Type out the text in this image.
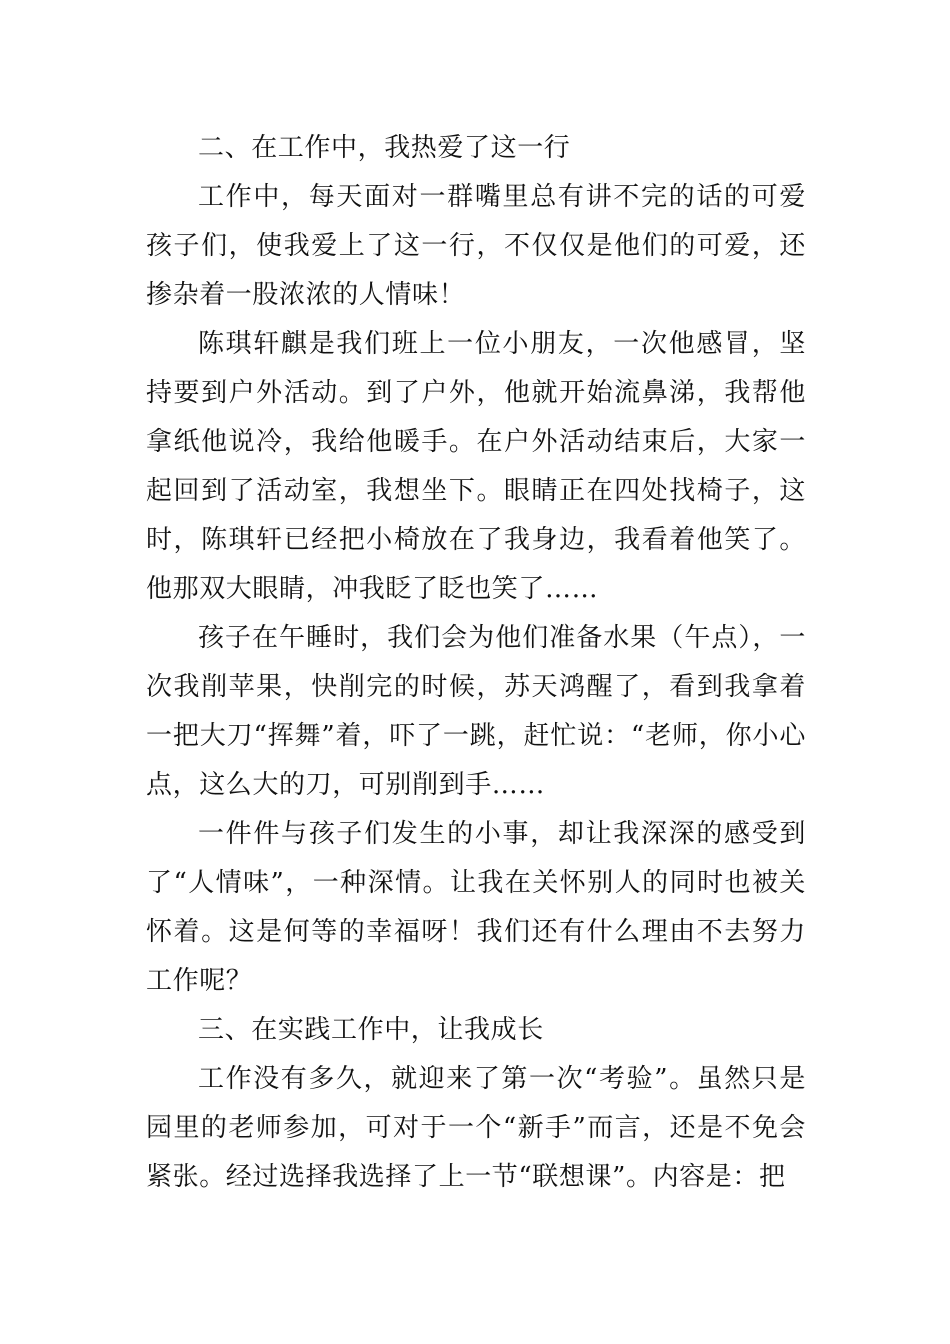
二、在工作中，我热爱了这一行

工作中，每天面对一群嘴里总有讲不完的话的可爱孩子们，使我爱上了这一行，不仅仅是他们的可爱，还掺杂着一股浓浓的人情味！

陈琪轩麒是我们班上一位小朋友，一次他感冒，坚持要到户外活动。到了户外，他就开始流鼻涕，我帮他拿纸他说冷，我给他暖手。在户外活动结束后，大家一起回到了活动室，我想坐下。眼睛正在四处找椅子，这时，陈琪轩已经把小椅放在了我身边，我看着他笑了。他那双大眼睛，冲我眨了眨也笑了……

孩子在午睡时，我们会为他们准备水果（午点），一次我削苹果，快削完的时候，苏天鸿醒了，看到我拿着一把大刀“挥舞”着，吓了一跳，赶忙说：“老师，你小心点，这么大的刀，可别削到手……

一件件与孩子们发生的小事，却让我深深的感受到了“人情味”，一种深情。让我在关怀别人的同时也被关怀着。这是何等的幸福呀！我们还有什么理由不去努力工作呢？

三、在实践工作中，让我成长

工作没有多久，就迎来了第一次“考验”。虽然只是园里的老师参加，可对于一个“新手”而言，还是不免会紧张。经过选择我选择了上一节“联想课”。内容是：把
